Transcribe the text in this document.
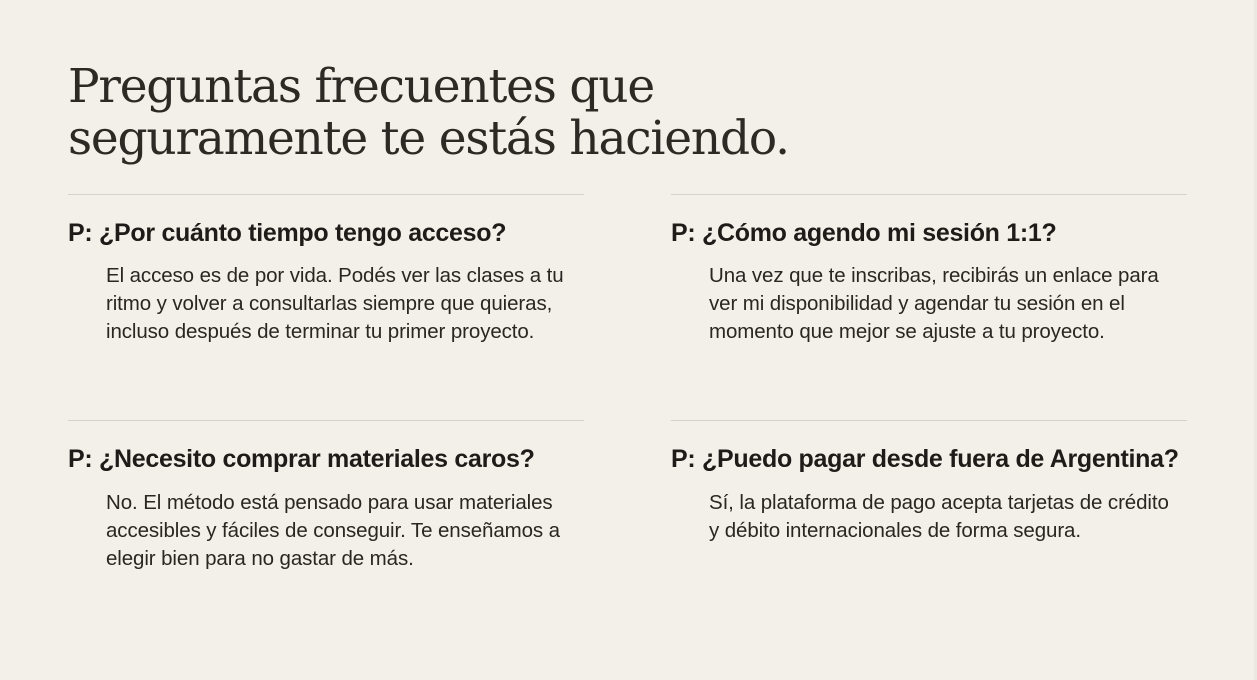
Preguntas frecuentes que seguramente te estás haciendo.
P: ¿Por cuánto tiempo tengo acceso?

El acceso es de por vida. Podés ver las clases a tu ritmo y volver a consultarlas siempre que quieras, incluso después de terminar tu primer proyecto.

P: ¿Cómo agendo mi sesión 1:1?

Una vez que te inscribas, recibirás un enlace para ver mi disponibilidad y agendar tu sesión en el momento que mejor se ajuste a tu proyecto.

P: ¿Necesito comprar materiales caros?

No. El método está pensado para usar materiales accesibles y fáciles de conseguir. Te enseñamos a elegir bien para no gastar de más.

P: ¿Puedo pagar desde fuera de Argentina?

Sí, la plataforma de pago acepta tarjetas de crédito y débito internacionales de forma segura.
